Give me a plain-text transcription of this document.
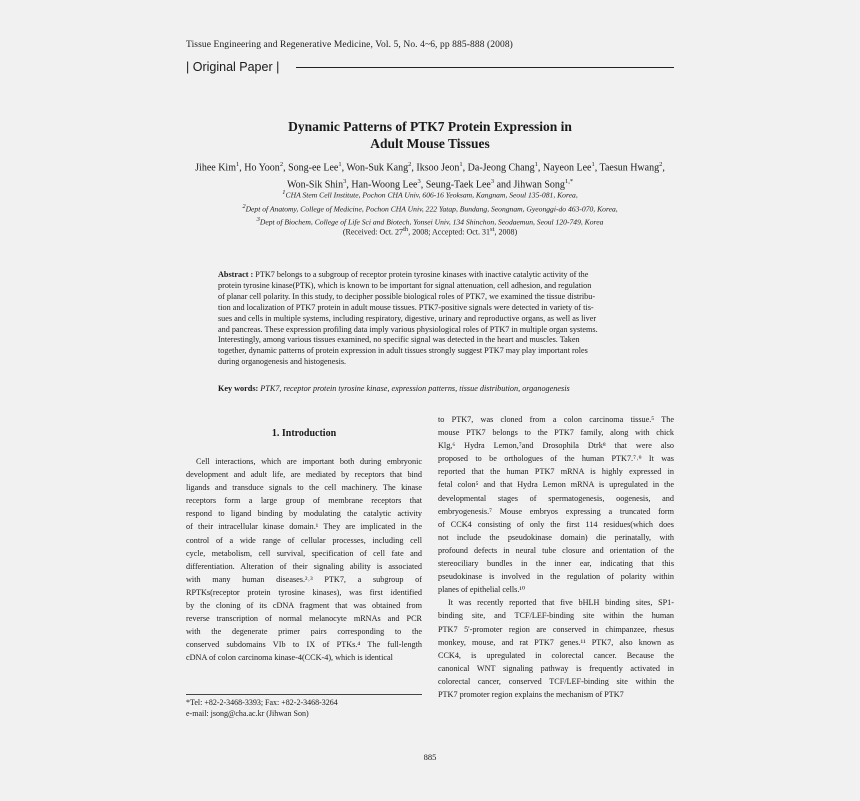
Tissue Engineering and Regenerative Medicine, Vol. 5, No. 4~6, pp 885-888 (2008)
| Original Paper |
Dynamic Patterns of PTK7 Protein Expression in
Adult Mouse Tissues
Jihee Kim$^1$, Ho Yoon$^2$, Song-ee Lee$^1$, Won-Suk Kang$^2$, Iksoo Jeon$^1$, Da-Jeong Chang$^1$, Nayeon Lee$^1$, Taesun Hwang$^2$,
Won-Sik Shin$^3$, Han-Woong Lee$^3$, Seung-Taek Lee$^3$ and Jihwan Song$^{1,*}$
$^1$CHA Stem Cell Institute, Pochon CHA Univ, 606-16 Yeoksam, Kangnam, Seoul 135-081, Korea,
$^2$Dept of Anatomy, College of Medicine, Pochon CHA Univ, 222 Yatap, Bundang, Seongnam, Gyeonggi-do 463-070, Korea,
$^3$Dept of Biochem, College of Life Sci and Biotech, Yonsei Univ, 134 Shinchon, Seodaemun, Seoul 120-749, Korea
(Received: Oct. 27th, 2008; Accepted: Oct. 31st, 2008)
Abstract : PTK7 belongs to a subgroup of receptor protein tyrosine kinases with inactive catalytic activity of the
protein tyrosine kinase(PTK), which is known to be important for signal attenuation, cell adhesion, and regulation
of planar cell polarity. In this study, to decipher possible biological roles of PTK7, we examined the tissue distribu-
tion and localization of PTK7 protein in adult mouse tissues. PTK7-positive signals were detected in variety of tis-
sues and cells in multiple systems, including respiratory, digestive, urinary and reproductive organs, as well as liver
and pancreas. These expression profiling data imply various physiological roles of PTK7 in multiple organ systems.
Interestingly, among various tissues examined, no specific signal was detected in the heart and muscles. Taken
together, dynamic patterns of protein expression in adult tissues strongly suggest PTK7 may play important roles
during organogenesis and histogenesis.
Key words: PTK7, receptor protein tyrosine kinase, expression patterns, tissue distribution, organogenesis
1. Introduction
Cell interactions, which are important both during embryonic
development and adult life, are mediated by receptors that bind
ligands and transduce signals to the cell machinery. The kinase
receptors form a large group of membrane receptors that
respond to ligand binding by modulating the catalytic activity
of their intracellular kinase domain.¹ They are implicated in the
control of a wide range of cellular processes, including cell
cycle, metabolism, cell survival, specification of cell fate and
differentiation. Alteration of their signaling ability is associated
with many human diseases.²˒³ PTK7, a subgroup of
RPTKs(receptor protein tyrosine kinases), was first identified
by the cloning of its cDNA fragment that was obtained from
reverse transcription of normal melanocyte mRNAs and PCR
with the degenerate primer pairs corresponding to the
conserved subdomains VIb to IX of PTKs.⁴ The full-length
cDNA of colon carcinoma kinase-4(CCK-4), which is identical
to PTK7, was cloned from a colon carcinoma tissue.⁵ The
mouse PTK7 belongs to the PTK7 family, along with chick
Klg,⁶ Hydra Lemon,⁷and Drosophila Dtrk⁸ that were also
proposed to be orthologues of the human PTK7.⁷˒⁹ It was
reported that the human PTK7 mRNA is highly expressed in
fetal colon⁵ and that Hydra Lemon mRNA is upregulated in the
developmental stages of spermatogenesis, oogenesis, and
embryogenesis.⁷ Mouse embryos expressing a truncated form
of CCK4 consisting of only the first 114 residues(which does
not include the pseudokinase domain) die perinatally, with
profound defects in neural tube closure and orientation of the
stereociliary bundles in the inner ear, indicating that this
pseudokinase is involved in the regulation of polarity within
planes of epithelial cells.¹⁰
It was recently reported that five bHLH binding sites, SP1-
binding site, and TCF/LEF-binding site within the human
PTK7 5'-promoter region are conserved in chimpanzee, rhesus
monkey, mouse, and rat PTK7 genes.¹¹ PTK7, also known as
CCK4, is upregulated in colorectal cancer. Because the
canonical WNT signaling pathway is frequently activated in
colorectal cancer, conserved TCF/LEF-binding site within the
PTK7 promoter region explains the mechanism of PTK7
*Tel: +82-2-3468-3393; Fax: +82-2-3468-3264
e-mail: jsong@cha.ac.kr (Jihwan Son)
885
